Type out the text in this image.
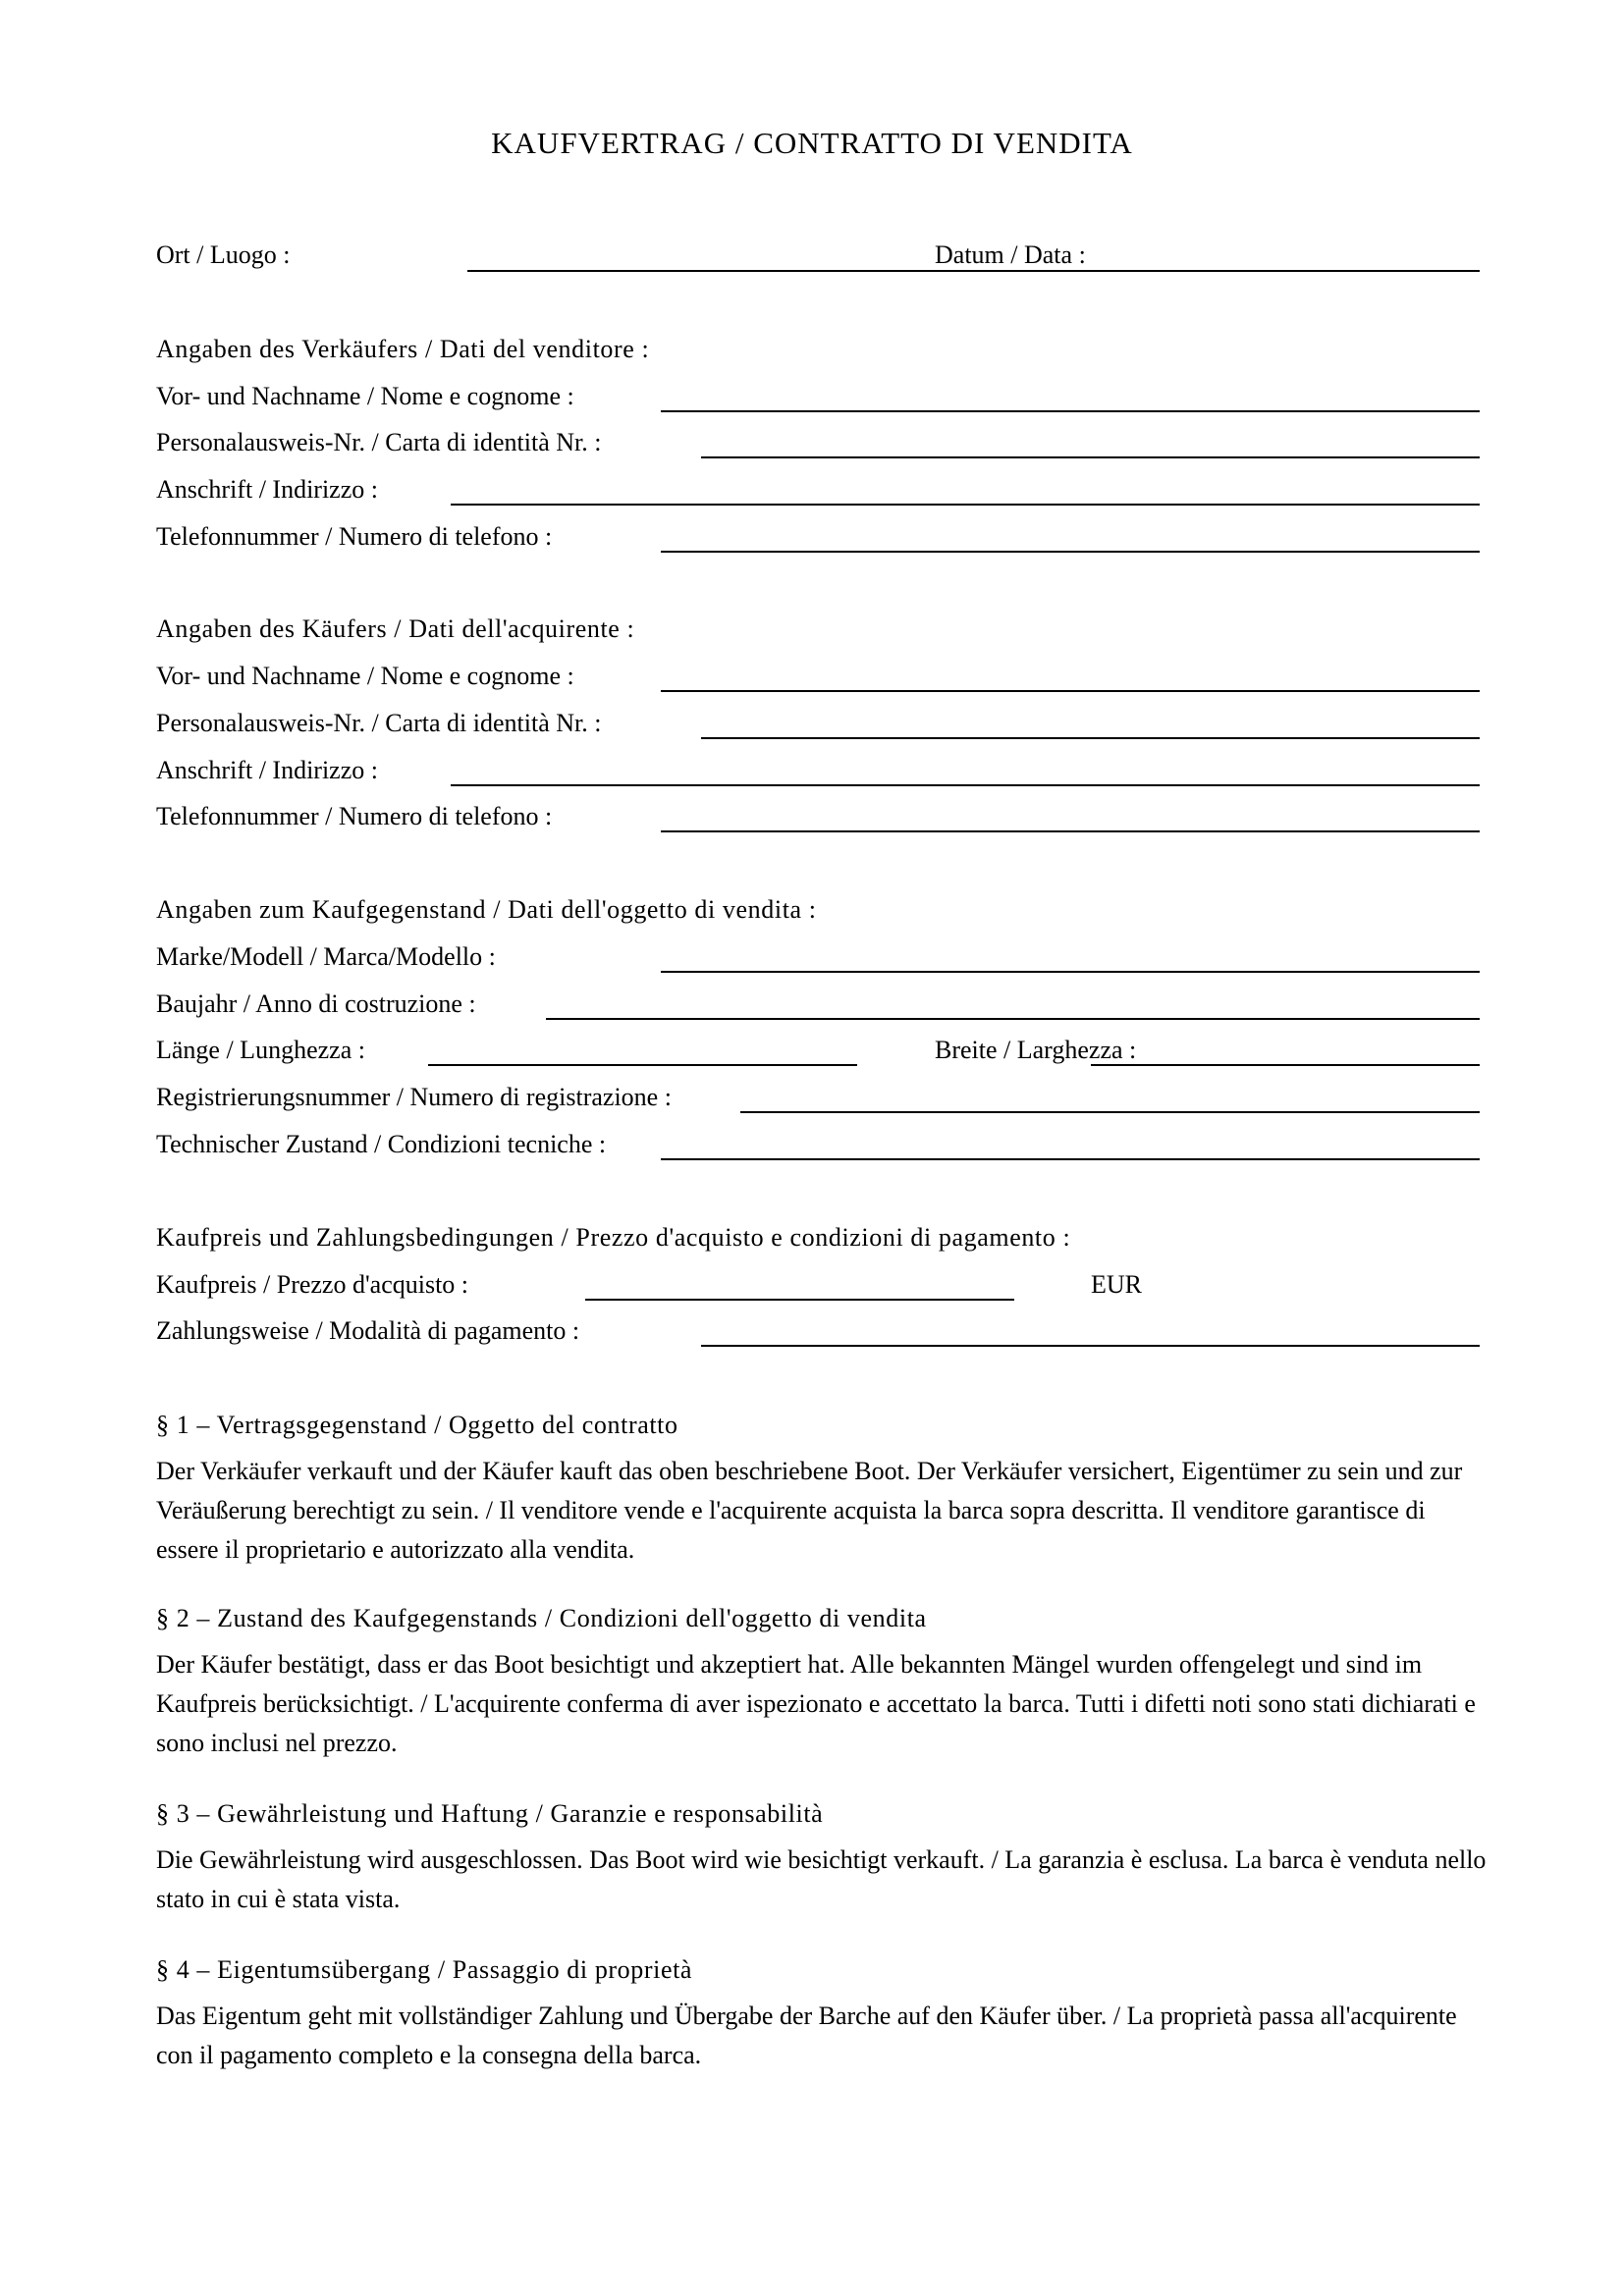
KAUFVERTRAG / CONTRATTO DI VENDITA
Ort / Luogo :	Datum / Data :
Angaben des Verkäufers / Dati del venditore :
Vor- und Nachname / Nome e cognome :
Personalausweis-Nr. / Carta di identità Nr. :
Anschrift / Indirizzo :
Telefonnummer / Numero di telefono :
Angaben des Käufers / Dati dell'acquirente :
Vor- und Nachname / Nome e cognome :
Personalausweis-Nr. / Carta di identità Nr. :
Anschrift / Indirizzo :
Telefonnummer / Numero di telefono :
Angaben zum Kaufgegenstand / Dati dell'oggetto di vendita :
Marke/Modell / Marca/Modello :
Baujahr / Anno di costruzione :
Länge / Lunghezza :	Breite / Larghezza :
Registrierungsnummer / Numero di registrazione :
Technischer Zustand / Condizioni tecniche :
Kaufpreis und Zahlungsbedingungen / Prezzo d'acquisto e condizioni di pagamento :
Kaufpreis / Prezzo d'acquisto :	EUR
Zahlungsweise / Modalità di pagamento :
§ 1 – Vertragsgegenstand / Oggetto del contratto
Der Verkäufer verkauft und der Käufer kauft das oben beschriebene Boot. Der Verkäufer versichert, Eigentümer zu sein und zur Veräußerung berechtigt zu sein. / Il venditore vende e l'acquirente acquista la barca sopra descritta. Il venditore garantisce di essere il proprietario e autorizzato alla vendita.
§ 2 – Zustand des Kaufgegenstands / Condizioni dell'oggetto di vendita
Der Käufer bestätigt, dass er das Boot besichtigt und akzeptiert hat. Alle bekannten Mängel wurden offengelegt und sind im Kaufpreis berücksichtigt. / L'acquirente conferma di aver ispezionato e accettato la barca. Tutti i difetti noti sono stati dichiarati e sono inclusi nel prezzo.
§ 3 – Gewährleistung und Haftung / Garanzie e responsabilità
Die Gewährleistung wird ausgeschlossen. Das Boot wird wie besichtigt verkauft. / La garanzia è esclusa. La barca è venduta nello stato in cui è stata vista.
§ 4 – Eigentumsübergang / Passaggio di proprietà
Das Eigentum geht mit vollständiger Zahlung und Übergabe der Barche auf den Käufer über. / La proprietà passa all'acquirente con il pagamento completo e la consegna della barca.
